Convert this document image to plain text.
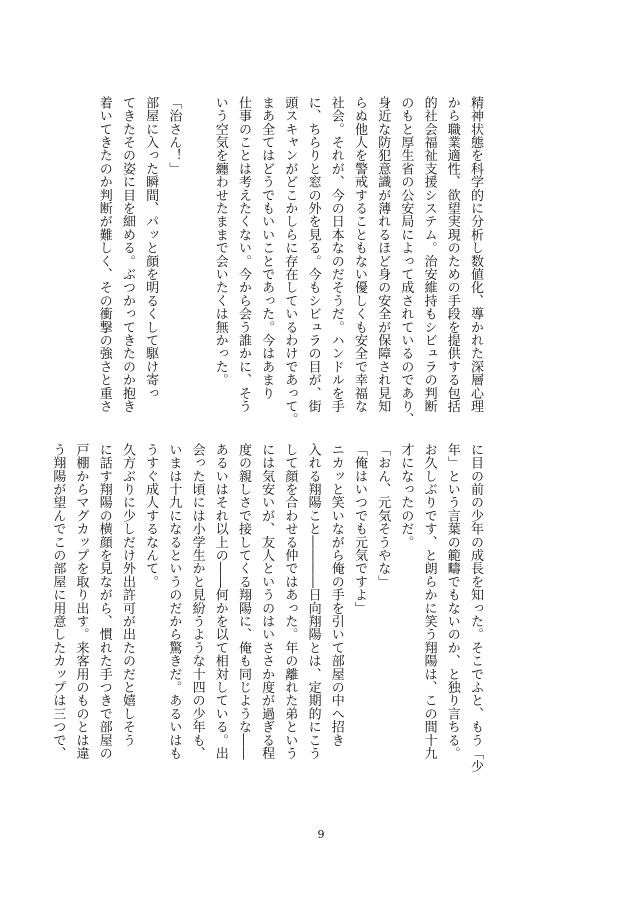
精神状態を科学的に分析し数値化、導かれた深層心理

から職業適性、欲望実現のための手段を提供する包括

的社会福祉支援システム。治安維持もシビュラの判断

のもと厚生省の公安局によって成されているのであり、

身近な防犯意識が薄れるほど身の安全が保障され見知

らぬ他人を警戒することもない優しくも安全で幸福な

社会。それが、今の日本なのだそうだ。ハンドルを手

に、ちらりと窓の外を見る。今もシビュラの目が、街

頭スキャンがどこかしらに存在しているわけであって。

まあ全てはどうでもいいことであった。今はあまり

仕事のことは考えたくない。今から会う誰かに、そう

いう空気を纏わせたままで会いたくは無かった。

「治さん！」

部屋に入った瞬間、パッと顔を明るくして駆け寄っ

てきたその姿に目を細める。ぶつかってきたのか抱き

着いてきたのか判断が難しく、その衝撃の強さと重さ

に目の前の少年の成長を知った。そこでふと、もう「少

年」という言葉の範疇でもないのか、と独り言ちる。

お久しぶりです、と朗らかに笑う翔陽は、この間十九

才になったのだ。

「おん、元気そうやな」

「俺はいつでも元気ですよ」

ニカッと笑いながら俺の手を引いて部屋の中へ招き

入れる翔陽こと――――日向翔陽とは、定期的にこう

して顔を合わせる仲ではあった。年の離れた弟という

には気安いが、友人というのはいささか度が過ぎる程

度の親しさで接してくる翔陽に、俺も同じような――

あるいはそれ以上の――何かを以て相対している。出

会った頃には小学生かと見紛うような十四の少年も、

いまは十九になるというのだから驚きだ。あるいはも

うすぐ成人するなんて。

久方ぶりに少しだけ外出許可が出たのだと嬉しそう

に話す翔陽の横顔を見ながら、慣れた手つきで部屋の

戸棚からマグカップを取り出す。来客用のものとは違

う翔陽が望んでこの部屋に用意したカップは三つで、

9
